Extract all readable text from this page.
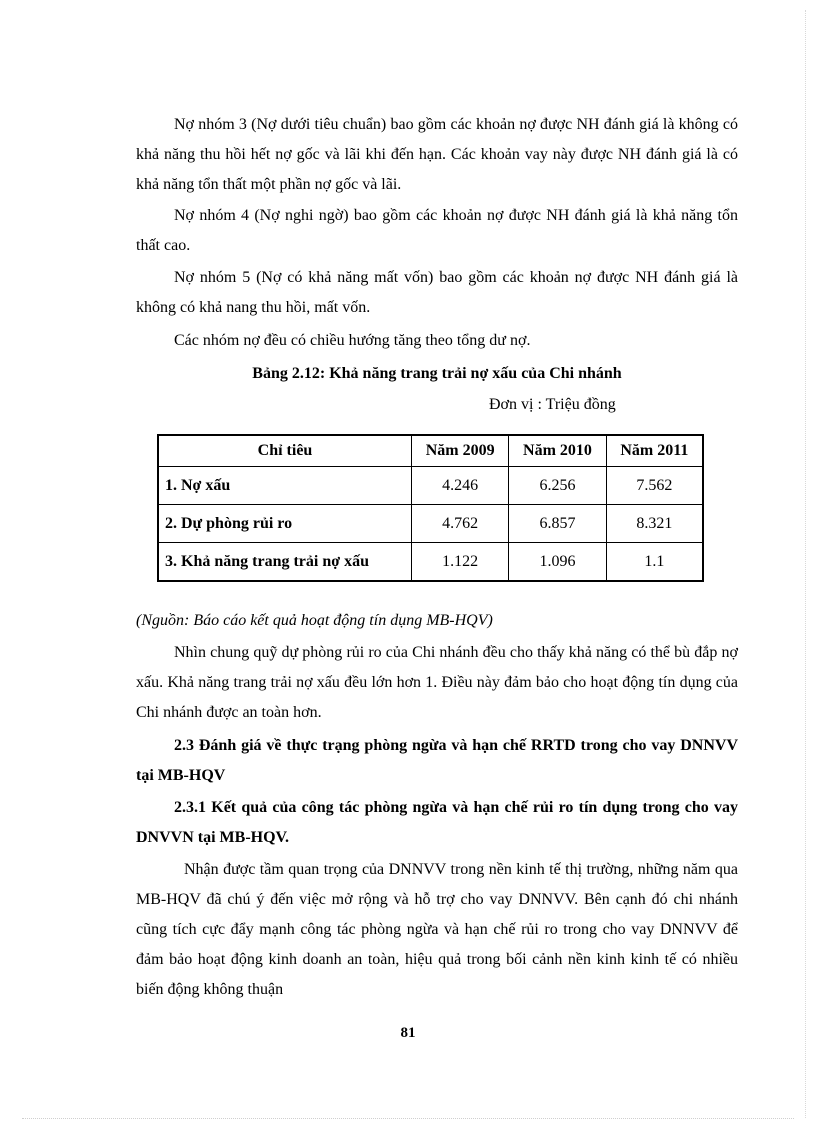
Nợ nhóm 3 (Nợ dưới tiêu chuẩn) bao gồm các khoản nợ được NH đánh giá là không có khả năng thu hồi hết nợ gốc và lãi khi đến hạn. Các khoản vay này được NH đánh giá là có khả năng tổn thất một phần nợ gốc và lãi.

Nợ nhóm 4 (Nợ nghi ngờ) bao gồm các khoản nợ được NH đánh giá là khả năng tổn thất cao.

Nợ nhóm 5 (Nợ có khả năng mất vốn) bao gồm các khoản nợ được NH đánh giá là không có khả nang thu hồi, mất vốn.

Các nhóm nợ đều có chiều hướng tăng theo tổng dư nợ.

Bảng 2.12: Khả năng trang trải nợ xấu của Chi nhánh

Đơn vị : Triệu đồng

Chỉ tiêu	Năm 2009	Năm 2010	Năm 2011
1. Nợ xấu	4.246	6.256	7.562
2. Dự phòng rủi ro	4.762	6.857	8.321
3. Khả năng trang trải nợ xấu	1.122	1.096	1.1

(Nguồn: Báo cáo kết quả hoạt động tín dụng MB-HQV)

Nhìn chung quỹ dự phòng rủi ro của Chi nhánh đều cho thấy khả năng có thể bù đắp nợ xấu. Khả năng trang trải nợ xấu đều lớn hơn 1. Điều này đảm bảo cho hoạt động tín dụng của Chi nhánh được an toàn hơn.

2.3 Đánh giá về thực trạng phòng ngừa và hạn chế RRTD trong cho vay DNNVV tại MB-HQV

2.3.1 Kết quả của công tác phòng ngừa và hạn chế rủi ro tín dụng trong cho vay DNVVN tại MB-HQV.

Nhận được tầm quan trọng của DNNVV trong nền kinh tế thị trường, những năm qua MB-HQV đã chú ý đến việc mở rộng và hỗ trợ cho vay DNNVV. Bên cạnh đó chi nhánh cũng tích cực đẩy mạnh công tác phòng ngừa và hạn chế rủi ro trong cho vay DNNVV để đảm bảo hoạt động kinh doanh an toàn, hiệu quả trong bối cảnh nền kinh kinh tế có nhiều biến động không thuận

81
